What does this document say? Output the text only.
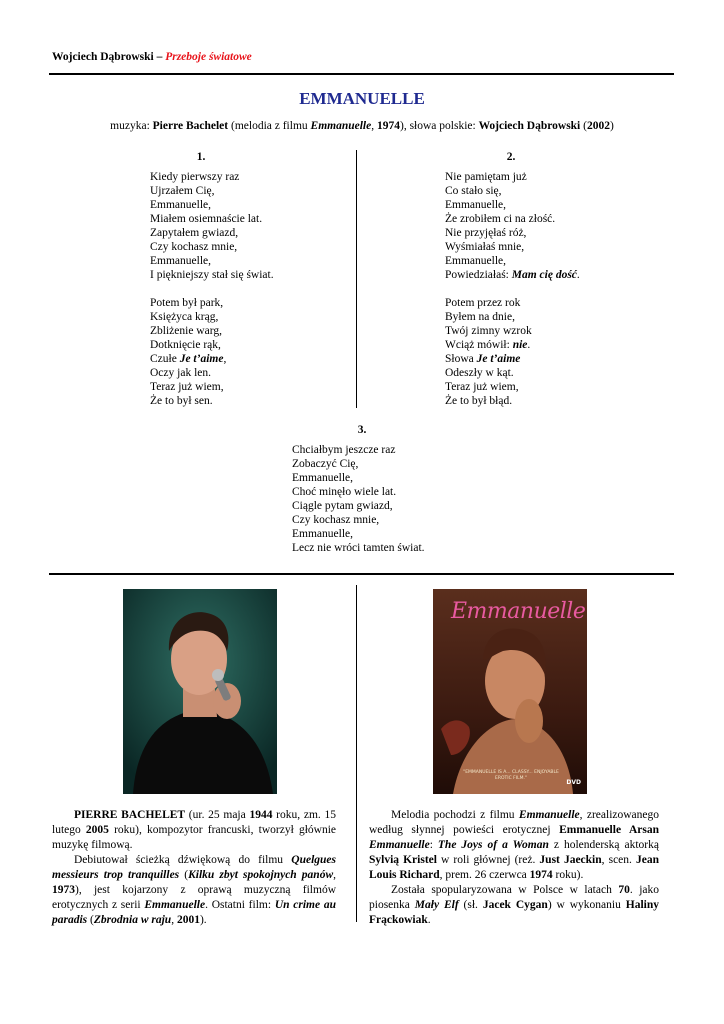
Wojciech Dąbrowski – Przeboje światowe
EMMANUELLE
muzyka: Pierre Bachelet (melodia z filmu Emmanuelle, 1974), słowa polskie: Wojciech Dąbrowski (2002)
1.
Kiedy pierwszy raz
Ujrzałem Cię,
Emmanuelle,
Miałem osiemnaście lat.
Zapytałem gwiazd,
Czy kochasz mnie,
Emmanuelle,
I piękniejszy stał się świat.
Potem był park,
Księżyca krąg,
Zbliżenie warg,
Dotknięcie rąk,
Czułe Je t’aime,
Oczy jak len.
Teraz już wiem,
Że to był sen.
2.
Nie pamiętam już
Co stało się,
Emmanuelle,
Że zrobiłem ci na złość.
Nie przyjęłaś róż,
Wyśmiałaś mnie,
Emmanuelle,
Powiedziałaś: Mam cię dość.
Potem przez rok
Byłem na dnie,
Twój zimny wzrok
Wciąż mówił: nie.
Słowa Je t’aime
Odeszły w kąt.
Teraz już wiem,
Że to był błąd.
3.
Chciałbym jeszcze raz
Zobaczyć Cię,
Emmanuelle,
Choć minęło wiele lat.
Ciągle pytam gwiazd,
Czy kochasz mnie,
Emmanuelle,
Lecz nie wróci tamten świat.
Emmanuelle
"EMMANUELLE IS A... CLASSY... ENJOYABLE EROTIC FILM."
DVD

PIERRE BACHELET (ur. 25 maja 1944 roku, zm. 15 lutego 2005 roku), kompozytor francuski, tworzył głównie muzykę filmową.

Debiutował ścieżką dźwiękową do filmu Quelgues messieurs trop tranquilles (Kilku zbyt spokojnych panów, 1973), jest kojarzony z oprawą muzyczną filmów erotycznych z serii Emmanuelle. Ostatni film: Un crime au paradis (Zbrodnia w raju, 2001).

Melodia pochodzi z filmu Emmanuelle, zrealizowanego według słynnej powieści erotycznej Emmanuelle Arsan Emmanuelle: The Joys of a Woman z holenderską aktorką Sylvią Kristel w roli głównej (reż. Just Jaeckin, scen. Jean Louis Richard, prem. 26 czerwca 1974 roku).

Została spopularyzowana w Polsce w latach 70. jako piosenka Mały Elf (sł. Jacek Cygan) w wykonaniu Haliny Frąckowiak.
